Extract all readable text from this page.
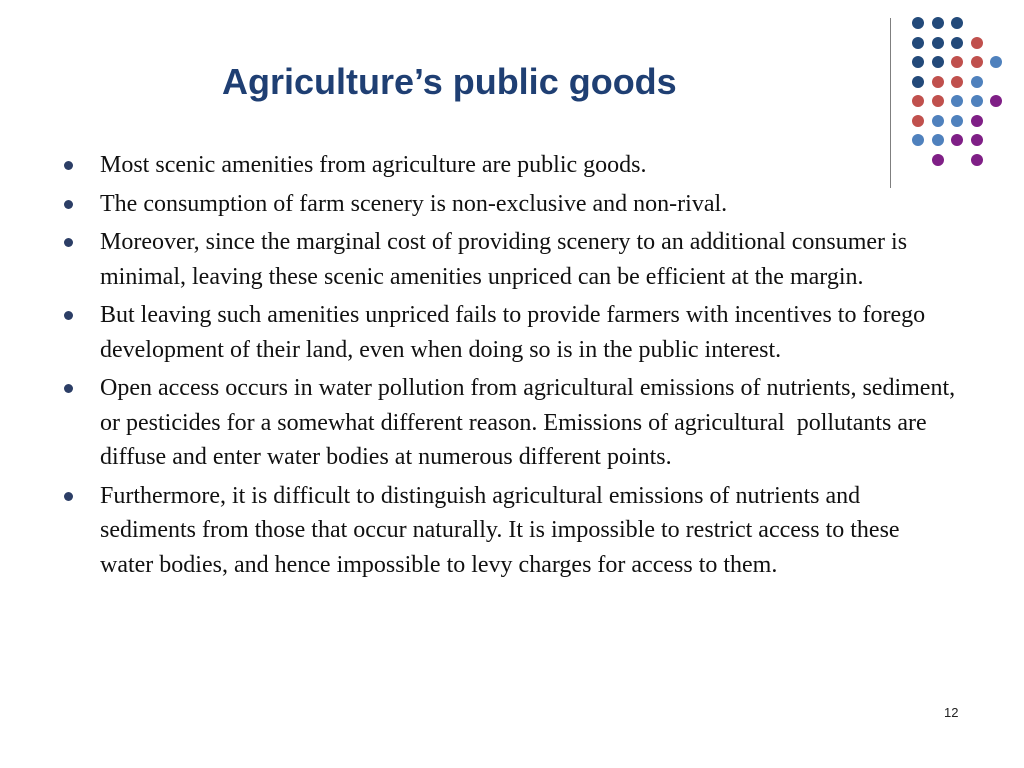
Agriculture’s public goods
Most scenic amenities from agriculture are public goods.
The consumption of farm scenery is non-exclusive and non-rival.
Moreover, since the marginal cost of providing scenery to an additional consumer is minimal, leaving these scenic amenities unpriced can be efficient at the margin.
But leaving such amenities unpriced fails to provide farmers with incentives to forego development of their land, even when doing so is in the public interest.
Open access occurs in water pollution from agricultural emissions of nutrients, sediment, or pesticides for a somewhat different reason. Emissions of agricultural  pollutants are diffuse and enter water bodies at numerous different points.
Furthermore, it is difficult to distinguish agricultural emissions of nutrients and sediments from those that occur naturally. It is impossible to restrict access to these water bodies, and hence impossible to levy charges for access to them.
12
